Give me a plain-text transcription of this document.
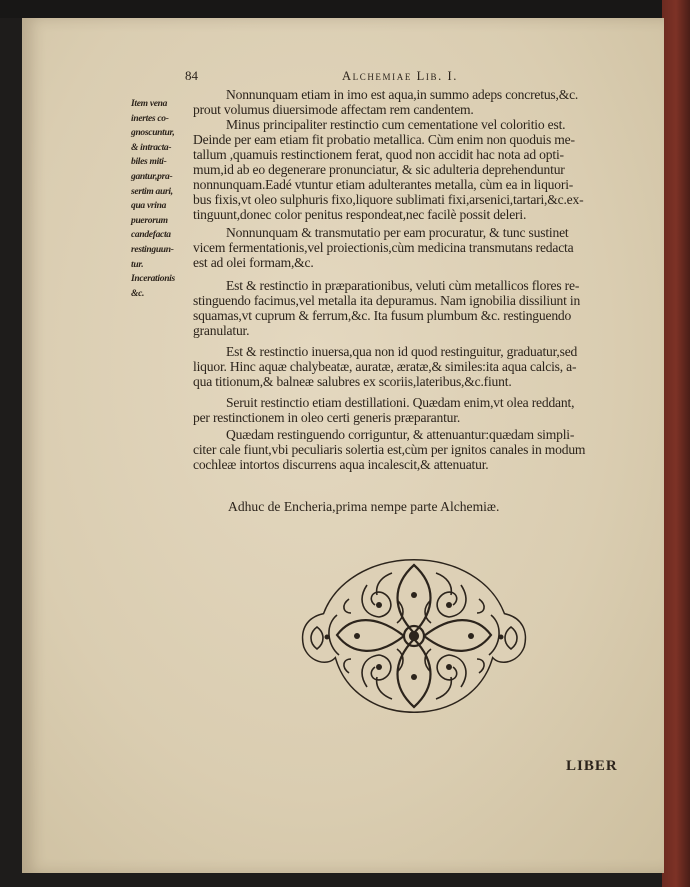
84	Alchemiae Lib. I.
Item vena
inertes co-
gnoscuntur,
& intracta-
biles miti-
gantur,pra-
sertim auri,
qua vrina
puerorum
candefacta
restinguun-
tur.
Incerationis
&c.
Nonnunquam etiam in imo est aqua,in summo adeps concretus,&c.
prout volumus diuersimode affectam rem candentem.
Minus principaliter restinctio cum cementatione vel coloritio est.
Deinde per eam etiam fit probatio metallica. Cùm enim non quoduis me-
tallum ,quamuis restinctionem ferat, quod non accidit hac nota ad opti-
mum,id ab eo degenerare pronunciatur, & sic adulteria deprehenduntur
nonnunquam.Eadé vtuntur etiam adulterantes metalla, cùm ea in liquori-
bus fixis,vt oleo sulphuris fixo,liquore sublimati fixi,arsenici,tartari,&c.ex-
tinguunt,donec color penitus respondeat,nec facilè possit deleri.
Nonnunquam & transmutatio per eam procuratur, & tunc sustinet
vicem fermentationis,vel proiectionis,cùm medicina transmutans redacta
est ad olei formam,&c.
Est & restinctio in præparationibus, veluti cùm metallicos flores re-
stinguendo facimus,vel metalla ita depuramus. Nam ignobilia dissiliunt in
squamas,vt cuprum & ferrum,&c. Ita fusum plumbum &c. restinguendo
granulatur.
Est & restinctio inuersa,qua non id quod restinguitur, graduatur,sed
liquor. Hinc aquæ chalybeatæ, auratæ, æratæ,& similes:ita aqua calcis, a-
qua titionum,& balneæ salubres ex scoriis,lateribus,&c.fiunt.
Seruit restinctio etiam destillationi. Quædam enim,vt olea reddant,
per restinctionem in oleo certi generis præparantur.
Quædam restinguendo corriguntur, & attenuantur:quædam simpli-
citer cale fiunt,vbi peculiaris solertia est,cùm per ignitos canales in modum
cochleæ intortos discurrens aqua incalescit,& attenuatur.
Adhuc de Encheria,prima nempe parte Alchemiæ.
LIBER
